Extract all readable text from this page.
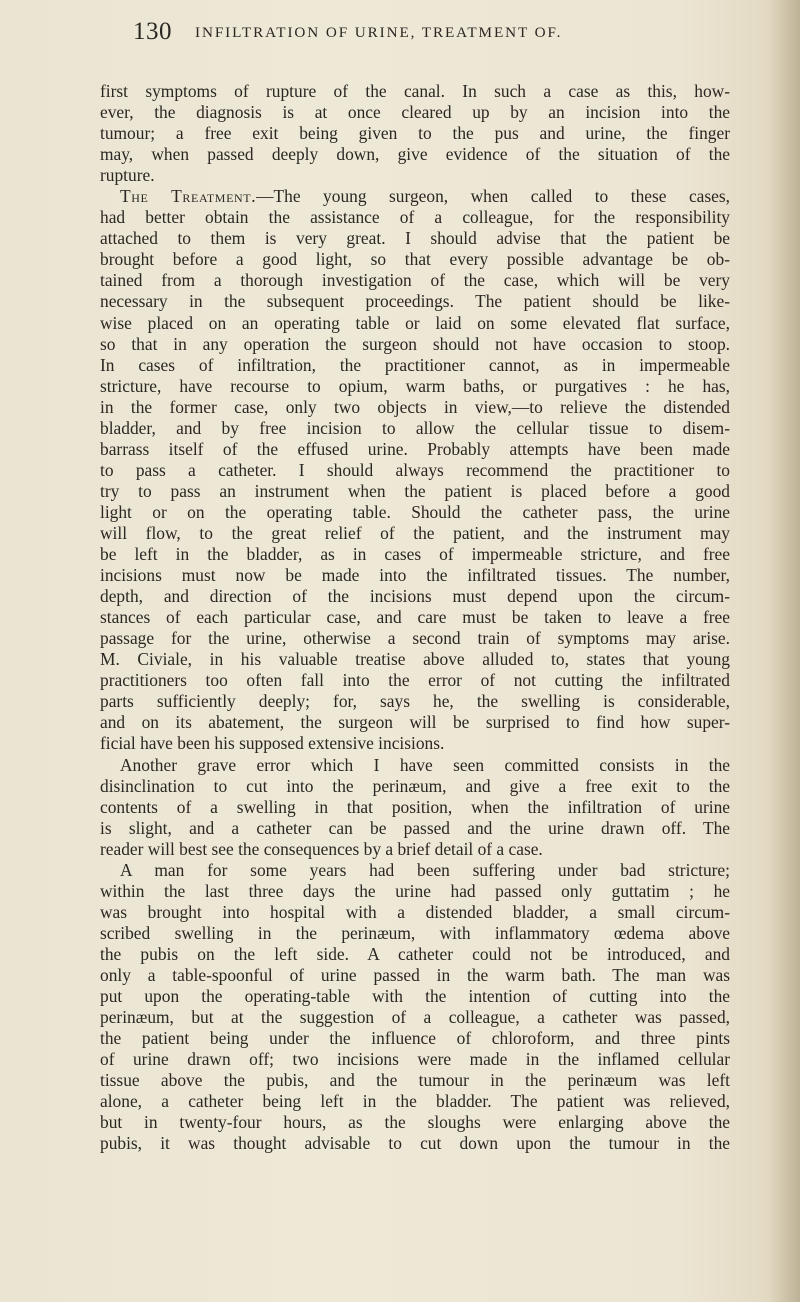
130 INFILTRATION OF URINE, TREATMENT OF.
first symptoms of rupture of the canal. In such a case as this, how-
ever, the diagnosis is at once cleared up by an incision into the
tumour; a free exit being given to the pus and urine, the finger
may, when passed deeply down, give evidence of the situation of the
rupture.
The Treatment.—The young surgeon, when called to these cases,
had better obtain the assistance of a colleague, for the responsibility
attached to them is very great. I should advise that the patient be
brought before a good light, so that every possible advantage be ob-
tained from a thorough investigation of the case, which will be very
necessary in the subsequent proceedings. The patient should be like-
wise placed on an operating table or laid on some elevated flat surface,
so that in any operation the surgeon should not have occasion to stoop.
In cases of infiltration, the practitioner cannot, as in impermeable
stricture, have recourse to opium, warm baths, or purgatives : he has,
in the former case, only two objects in view,—to relieve the distended
bladder, and by free incision to allow the cellular tissue to disem-
barrass itself of the effused urine. Probably attempts have been made
to pass a catheter. I should always recommend the practitioner to
try to pass an instrument when the patient is placed before a good
light or on the operating table. Should the catheter pass, the urine
will flow, to the great relief of the patient, and the instrument may
be left in the bladder, as in cases of impermeable stricture, and free
incisions must now be made into the infiltrated tissues. The number,
depth, and direction of the incisions must depend upon the circum-
stances of each particular case, and care must be taken to leave a free
passage for the urine, otherwise a second train of symptoms may arise.
M. Civiale, in his valuable treatise above alluded to, states that young
practitioners too often fall into the error of not cutting the infiltrated
parts sufficiently deeply; for, says he, the swelling is considerable,
and on its abatement, the surgeon will be surprised to find how super-
ficial have been his supposed extensive incisions.
Another grave error which I have seen committed consists in the
disinclination to cut into the perinæum, and give a free exit to the
contents of a swelling in that position, when the infiltration of urine
is slight, and a catheter can be passed and the urine drawn off. The
reader will best see the consequences by a brief detail of a case.
A man for some years had been suffering under bad stricture;
within the last three days the urine had passed only guttatim ; he
was brought into hospital with a distended bladder, a small circum-
scribed swelling in the perinæum, with inflammatory œdema above
the pubis on the left side. A catheter could not be introduced, and
only a table-spoonful of urine passed in the warm bath. The man was
put upon the operating-table with the intention of cutting into the
perinæum, but at the suggestion of a colleague, a catheter was passed,
the patient being under the influence of chloroform, and three pints
of urine drawn off; two incisions were made in the inflamed cellular
tissue above the pubis, and the tumour in the perinæum was left
alone, a catheter being left in the bladder. The patient was relieved,
but in twenty-four hours, as the sloughs were enlarging above the
pubis, it was thought advisable to cut down upon the tumour in the
